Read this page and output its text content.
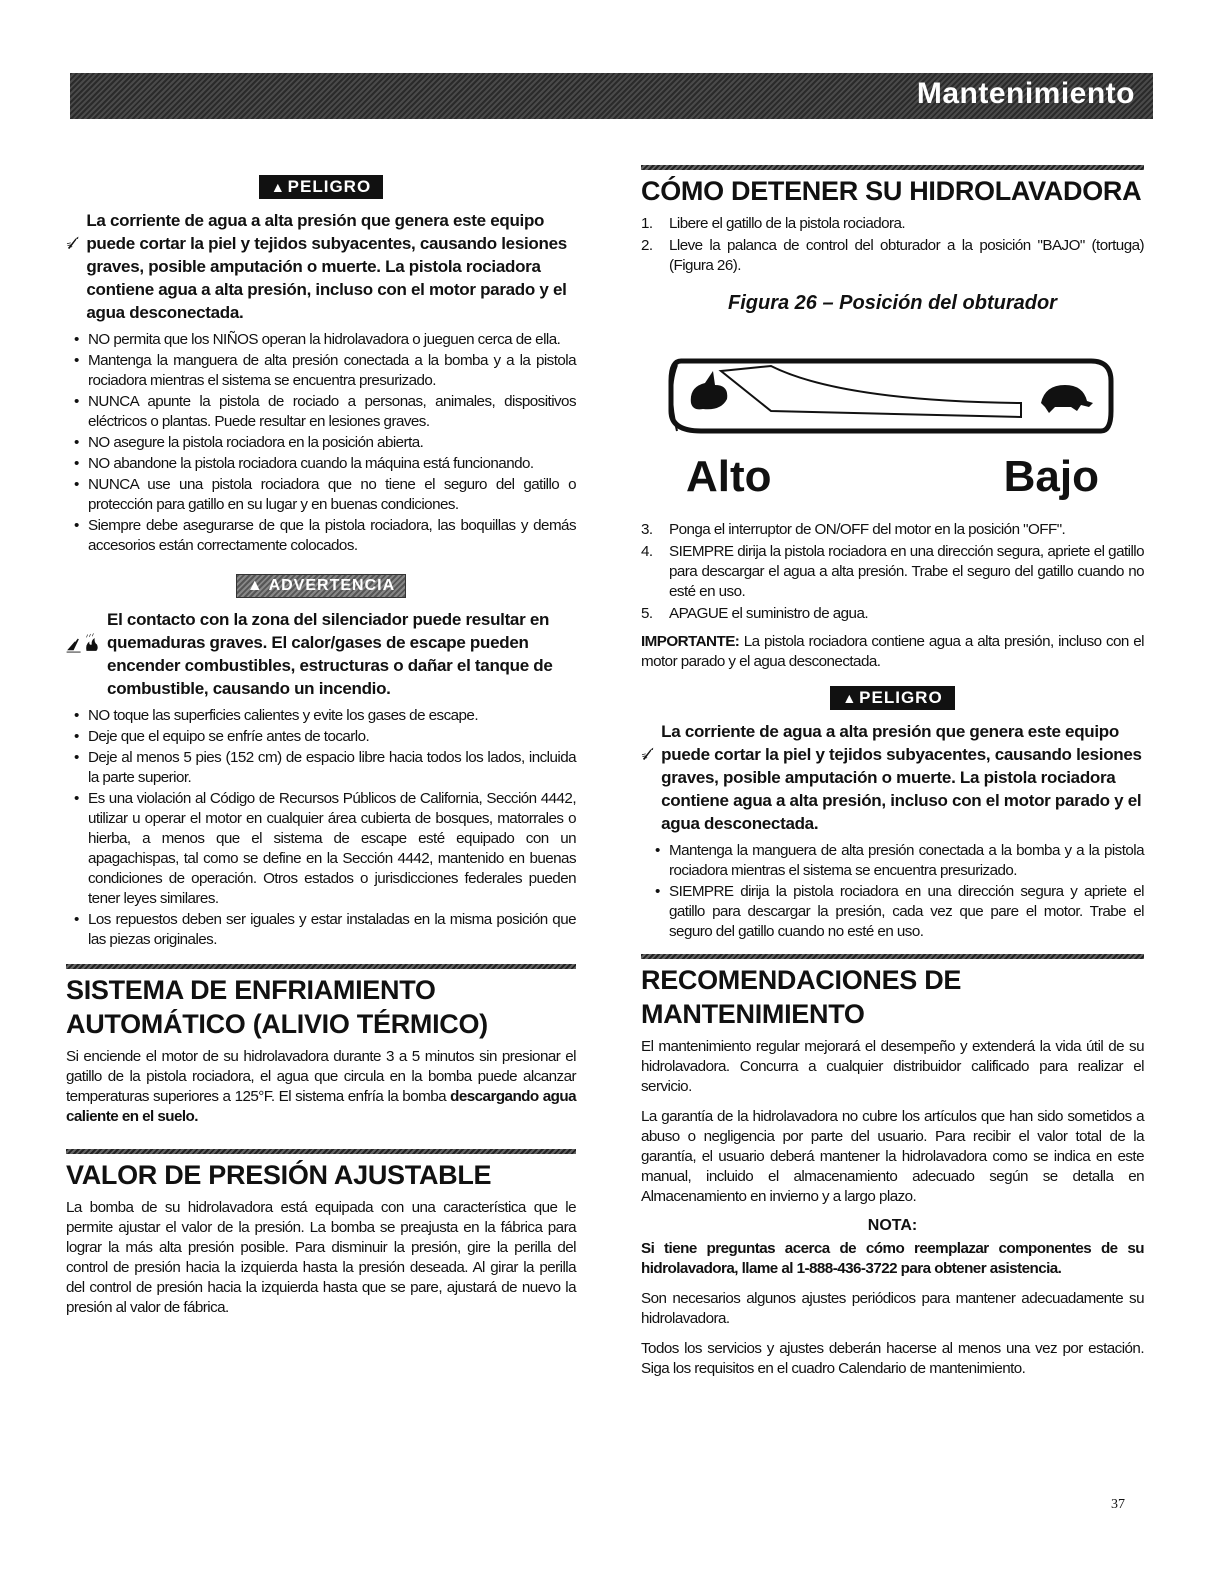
Mantenimiento
▲ PELIGRO
La corriente de agua a alta presión que genera este equipo puede cortar la piel y tejidos subyacentes, causando lesiones graves, posible amputación o muerte. La pistola rociadora contiene agua a alta presión, incluso con el motor parado y el agua desconectada.
• NO permita que los NIÑOS operan la hidrolavadora o jueguen cerca de ella.
• Mantenga la manguera de alta presión conectada a la bomba y a la pistola rociadora mientras el sistema se encuentra presurizado.
• NUNCA apunte la pistola de rociado a personas, animales, dispositivos eléctricos o plantas. Puede resultar en lesiones graves.
• NO asegure la pistola rociadora en la posición abierta.
• NO abandone la pistola rociadora cuando la máquina está funcionando.
• NUNCA use una pistola rociadora que no tiene el seguro del gatillo o protección para gatillo en su lugar y en buenas condiciones.
• Siempre debe asegurarse de que la pistola rociadora, las boquillas y demás accesorios están correctamente colocados.
▲ ADVERTENCIA
El contacto con la zona del silenciador puede resultar en quemaduras graves. El calor/gases de escape pueden encender combustibles, estructuras o dañar el tanque de combustible, causando un incendio.
• NO toque las superficies calientes y evite los gases de escape.
• Deje que el equipo se enfríe antes de tocarlo.
• Deje al menos 5 pies (152 cm) de espacio libre hacia todos los lados, incluida la parte superior.
• Es una violación al Código de Recursos Públicos de California, Sección 4442, utilizar u operar el motor en cualquier área cubierta de bosques, matorrales o hierba, a menos que el sistema de escape esté equipado con un apagachispas, tal como se define en la Sección 4442, mantenido en buenas condiciones de operación. Otros estados o jurisdicciones federales pueden tener leyes similares.
• Los repuestos deben ser iguales y estar instaladas en la misma posición que las piezas originales.
SISTEMA DE ENFRIAMIENTO AUTOMÁTICO (ALIVIO TÉRMICO)

Si enciende el motor de su hidrolavadora durante 3 a 5 minutos sin presionar el gatillo de la pistola rociadora, el agua que circula en la bomba puede alcanzar temperaturas superiores a 125°F. El sistema enfría la bomba descargando agua caliente en el suelo.

VALOR DE PRESIÓN AJUSTABLE

La bomba de su hidrolavadora está equipada con una característica que le permite ajustar el valor de la presión. La bomba se preajusta en la fábrica para lograr la más alta presión posible. Para disminuir la presión, gire la perilla del control de presión hacia la izquierda hasta la presión deseada. Al girar la perilla del control de presión hacia la izquierda hasta que se pare, ajustará de nuevo la presión al valor de fábrica.

CÓMO DETENER SU HIDROLAVADORA
1. Libere el gatillo de la pistola rociadora.
2. Lleve la palanca de control del obturador a la posición "BAJO" (tortuga) (Figura 26).
Figura 26 – Posición del obturador
Alto	Bajo
3. Ponga el interruptor de ON/OFF del motor en la posición "OFF".
4. SIEMPRE dirija la pistola rociadora en una dirección segura, apriete el gatillo para descargar el agua a alta presión. Trabe el seguro del gatillo cuando no esté en uso.
5. APAGUE el suministro de agua.

IMPORTANTE: La pistola rociadora contiene agua a alta presión, incluso con el motor parado y el agua desconectada.

▲ PELIGRO
La corriente de agua a alta presión que genera este equipo puede cortar la piel y tejidos subyacentes, causando lesiones graves, posible amputación o muerte. La pistola rociadora contiene agua a alta presión, incluso con el motor parado y el agua desconectada.
• Mantenga la manguera de alta presión conectada a la bomba y a la pistola rociadora mientras el sistema se encuentra presurizado.
• SIEMPRE dirija la pistola rociadora en una dirección segura y apriete el gatillo para descargar la presión, cada vez que pare el motor. Trabe el seguro del gatillo cuando no esté en uso.
RECOMENDACIONES DE MANTENIMIENTO

El mantenimiento regular mejorará el desempeño y extenderá la vida útil de su hidrolavadora. Concurra a cualquier distribuidor calificado para realizar el servicio.

La garantía de la hidrolavadora no cubre los artículos que han sido sometidos a abuso o negligencia por parte del usuario. Para recibir el valor total de la garantía, el usuario deberá mantener la hidrolavadora como se indica en este manual, incluido el almacenamiento adecuado según se detalla en Almacenamiento en invierno y a largo plazo.

NOTA:

Si tiene preguntas acerca de cómo reemplazar componentes de su hidrolavadora, llame al 1-888-436-3722 para obtener asistencia.

Son necesarios algunos ajustes periódicos para mantener adecuadamente su hidrolavadora.

Todos los servicios y ajustes deberán hacerse al menos una vez por estación. Siga los requisitos en el cuadro Calendario de mantenimiento.

37
